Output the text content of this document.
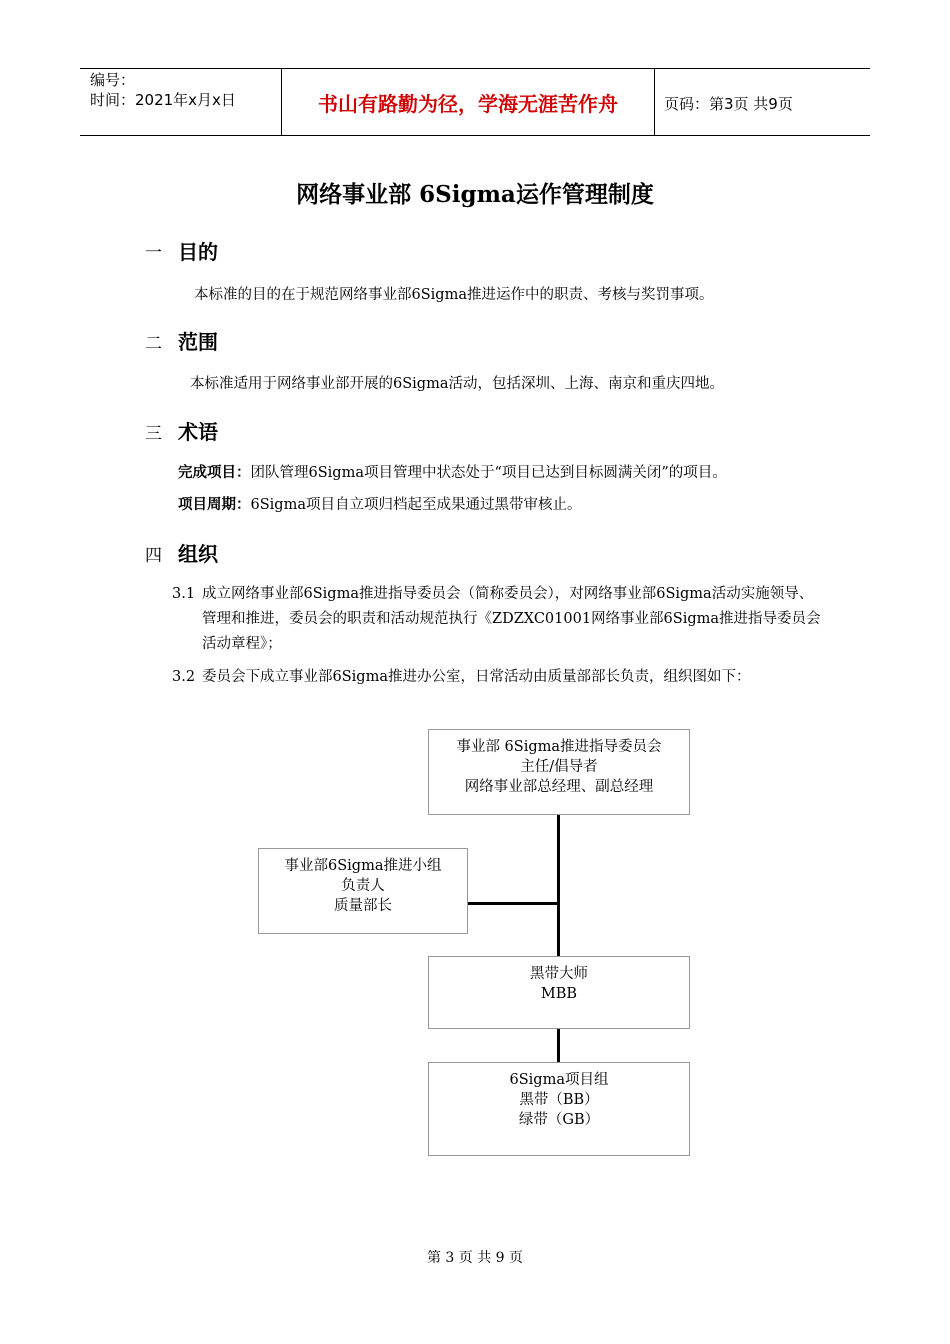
编号：
时间：2021年x月x日	书山有路勤为径，学海无涯苦作舟	页码：第3页 共9页
网络事业部 6Sigma运作管理制度
一 目的
本标准的目的在于规范网络事业部6Sigma推进运作中的职责、考核与奖罚事项。
二 范围
本标准适用于网络事业部开展的6Sigma活动，包括深圳、上海、南京和重庆四地。
三 术语
完成项目：团队管理6Sigma项目管理中状态处于“项目已达到目标圆满关闭”的项目。
项目周期：6Sigma项目自立项归档起至成果通过黑带审核止。
四 组织
3.1 成立网络事业部6Sigma推进指导委员会（简称委员会），对网络事业部6Sigma活动实施领导、管理和推进，委员会的职责和活动规范执行《ZDZXC01001网络事业部6Sigma推进指导委员会活动章程》；
3.2 委员会下成立事业部6Sigma推进办公室，日常活动由质量部部长负责，组织图如下：
事业部 6Sigma推进指导委员会
主任/倡导者
网络事业部总经理、副总经理
事业部6Sigma推进小组
负责人
质量部长
黑带大师
MBB
6Sigma项目组
黑带（BB）
绿带（GB）
第 3 页 共 9 页
